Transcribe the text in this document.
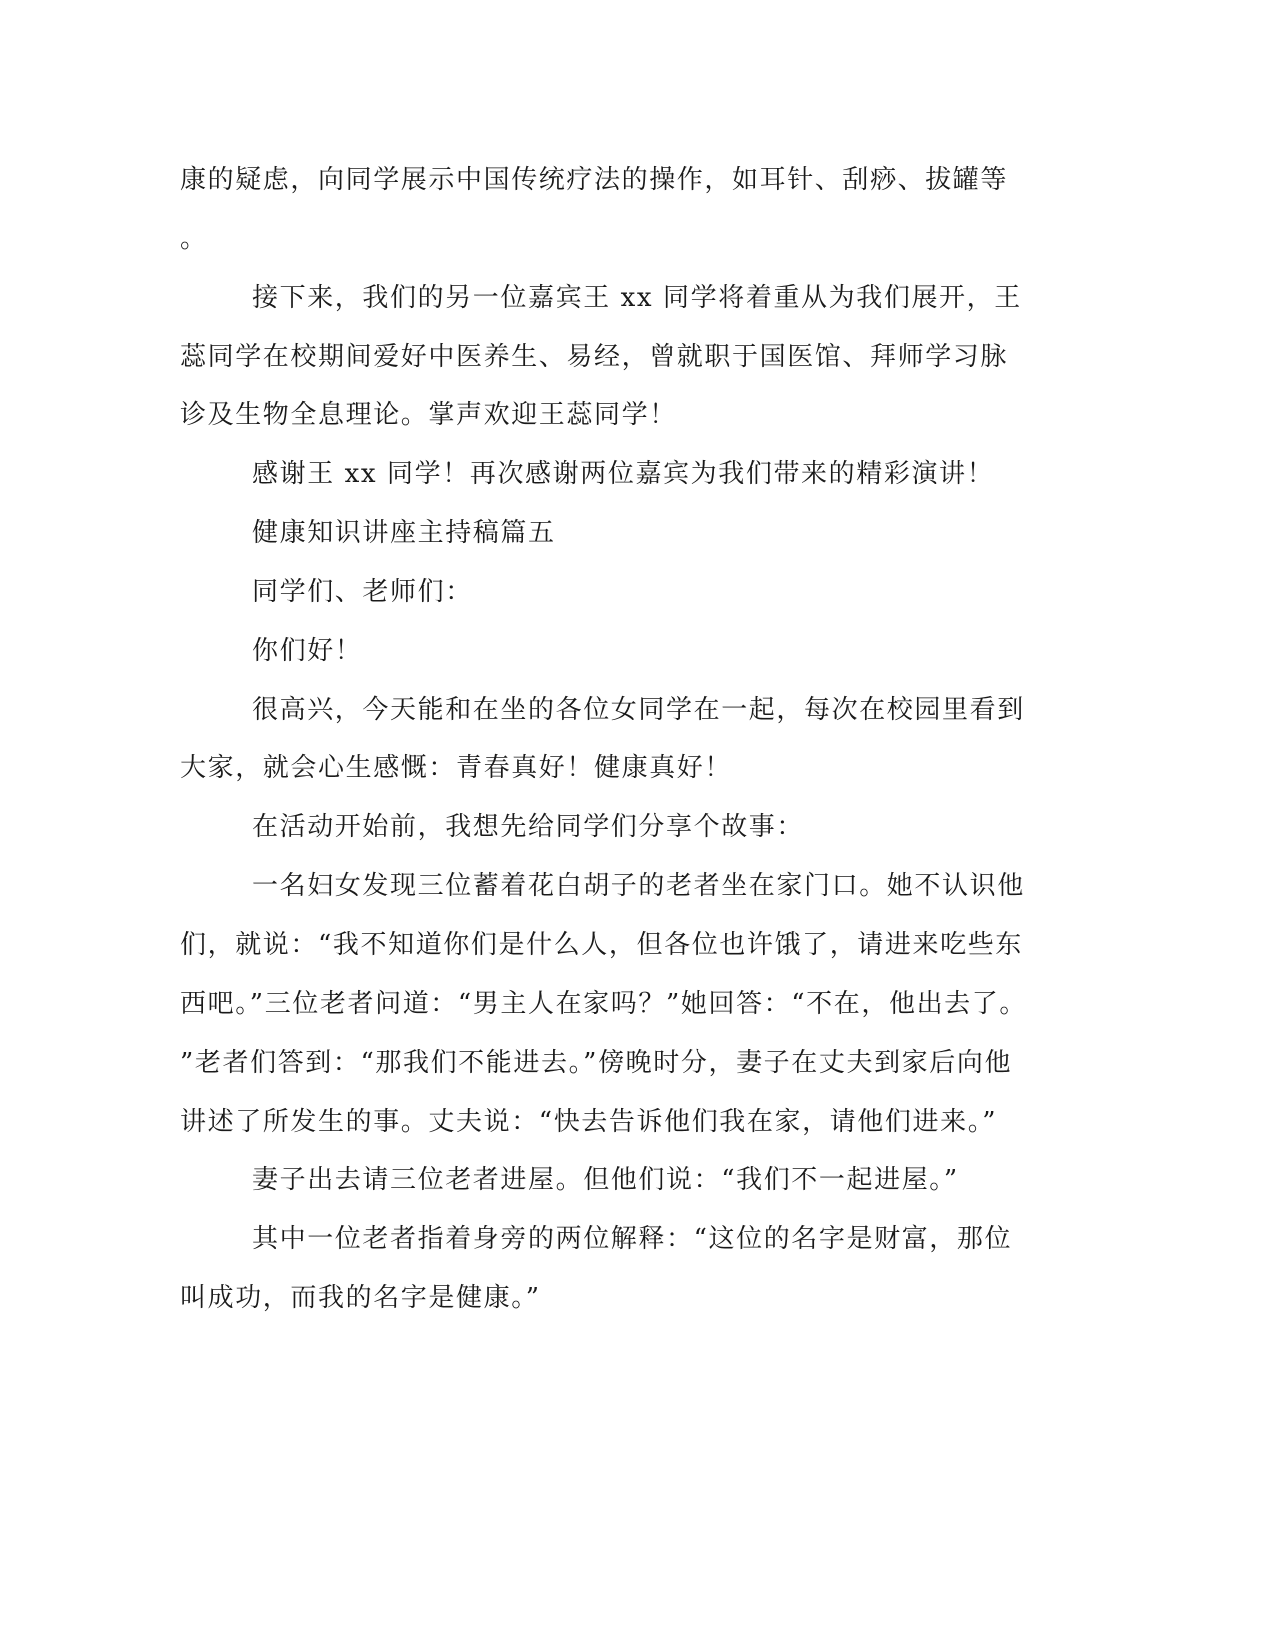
康的疑虑，向同学展示中国传统疗法的操作，如耳针、刮痧、拔罐等
。
接下来，我们的另一位嘉宾王 xx 同学将着重从为我们展开，王
蕊同学在校期间爱好中医养生、易经，曾就职于国医馆、拜师学习脉
诊及生物全息理论。掌声欢迎王蕊同学！
感谢王 xx 同学！再次感谢两位嘉宾为我们带来的精彩演讲！
健康知识讲座主持稿篇五
同学们、老师们：
你们好！
很高兴，今天能和在坐的各位女同学在一起，每次在校园里看到
大家，就会心生感慨：青春真好！健康真好！
在活动开始前，我想先给同学们分享个故事：
一名妇女发现三位蓄着花白胡子的老者坐在家门口。她不认识他
们，就说：“我不知道你们是什么人，但各位也许饿了，请进来吃些东
西吧。”三位老者问道：“男主人在家吗？”她回答：“不在，他出去了。
”老者们答到：“那我们不能进去。”傍晚时分，妻子在丈夫到家后向他
讲述了所发生的事。丈夫说：“快去告诉他们我在家，请他们进来。”
妻子出去请三位老者进屋。但他们说：“我们不一起进屋。”
其中一位老者指着身旁的两位解释：“这位的名字是财富，那位
叫成功，而我的名字是健康。”
